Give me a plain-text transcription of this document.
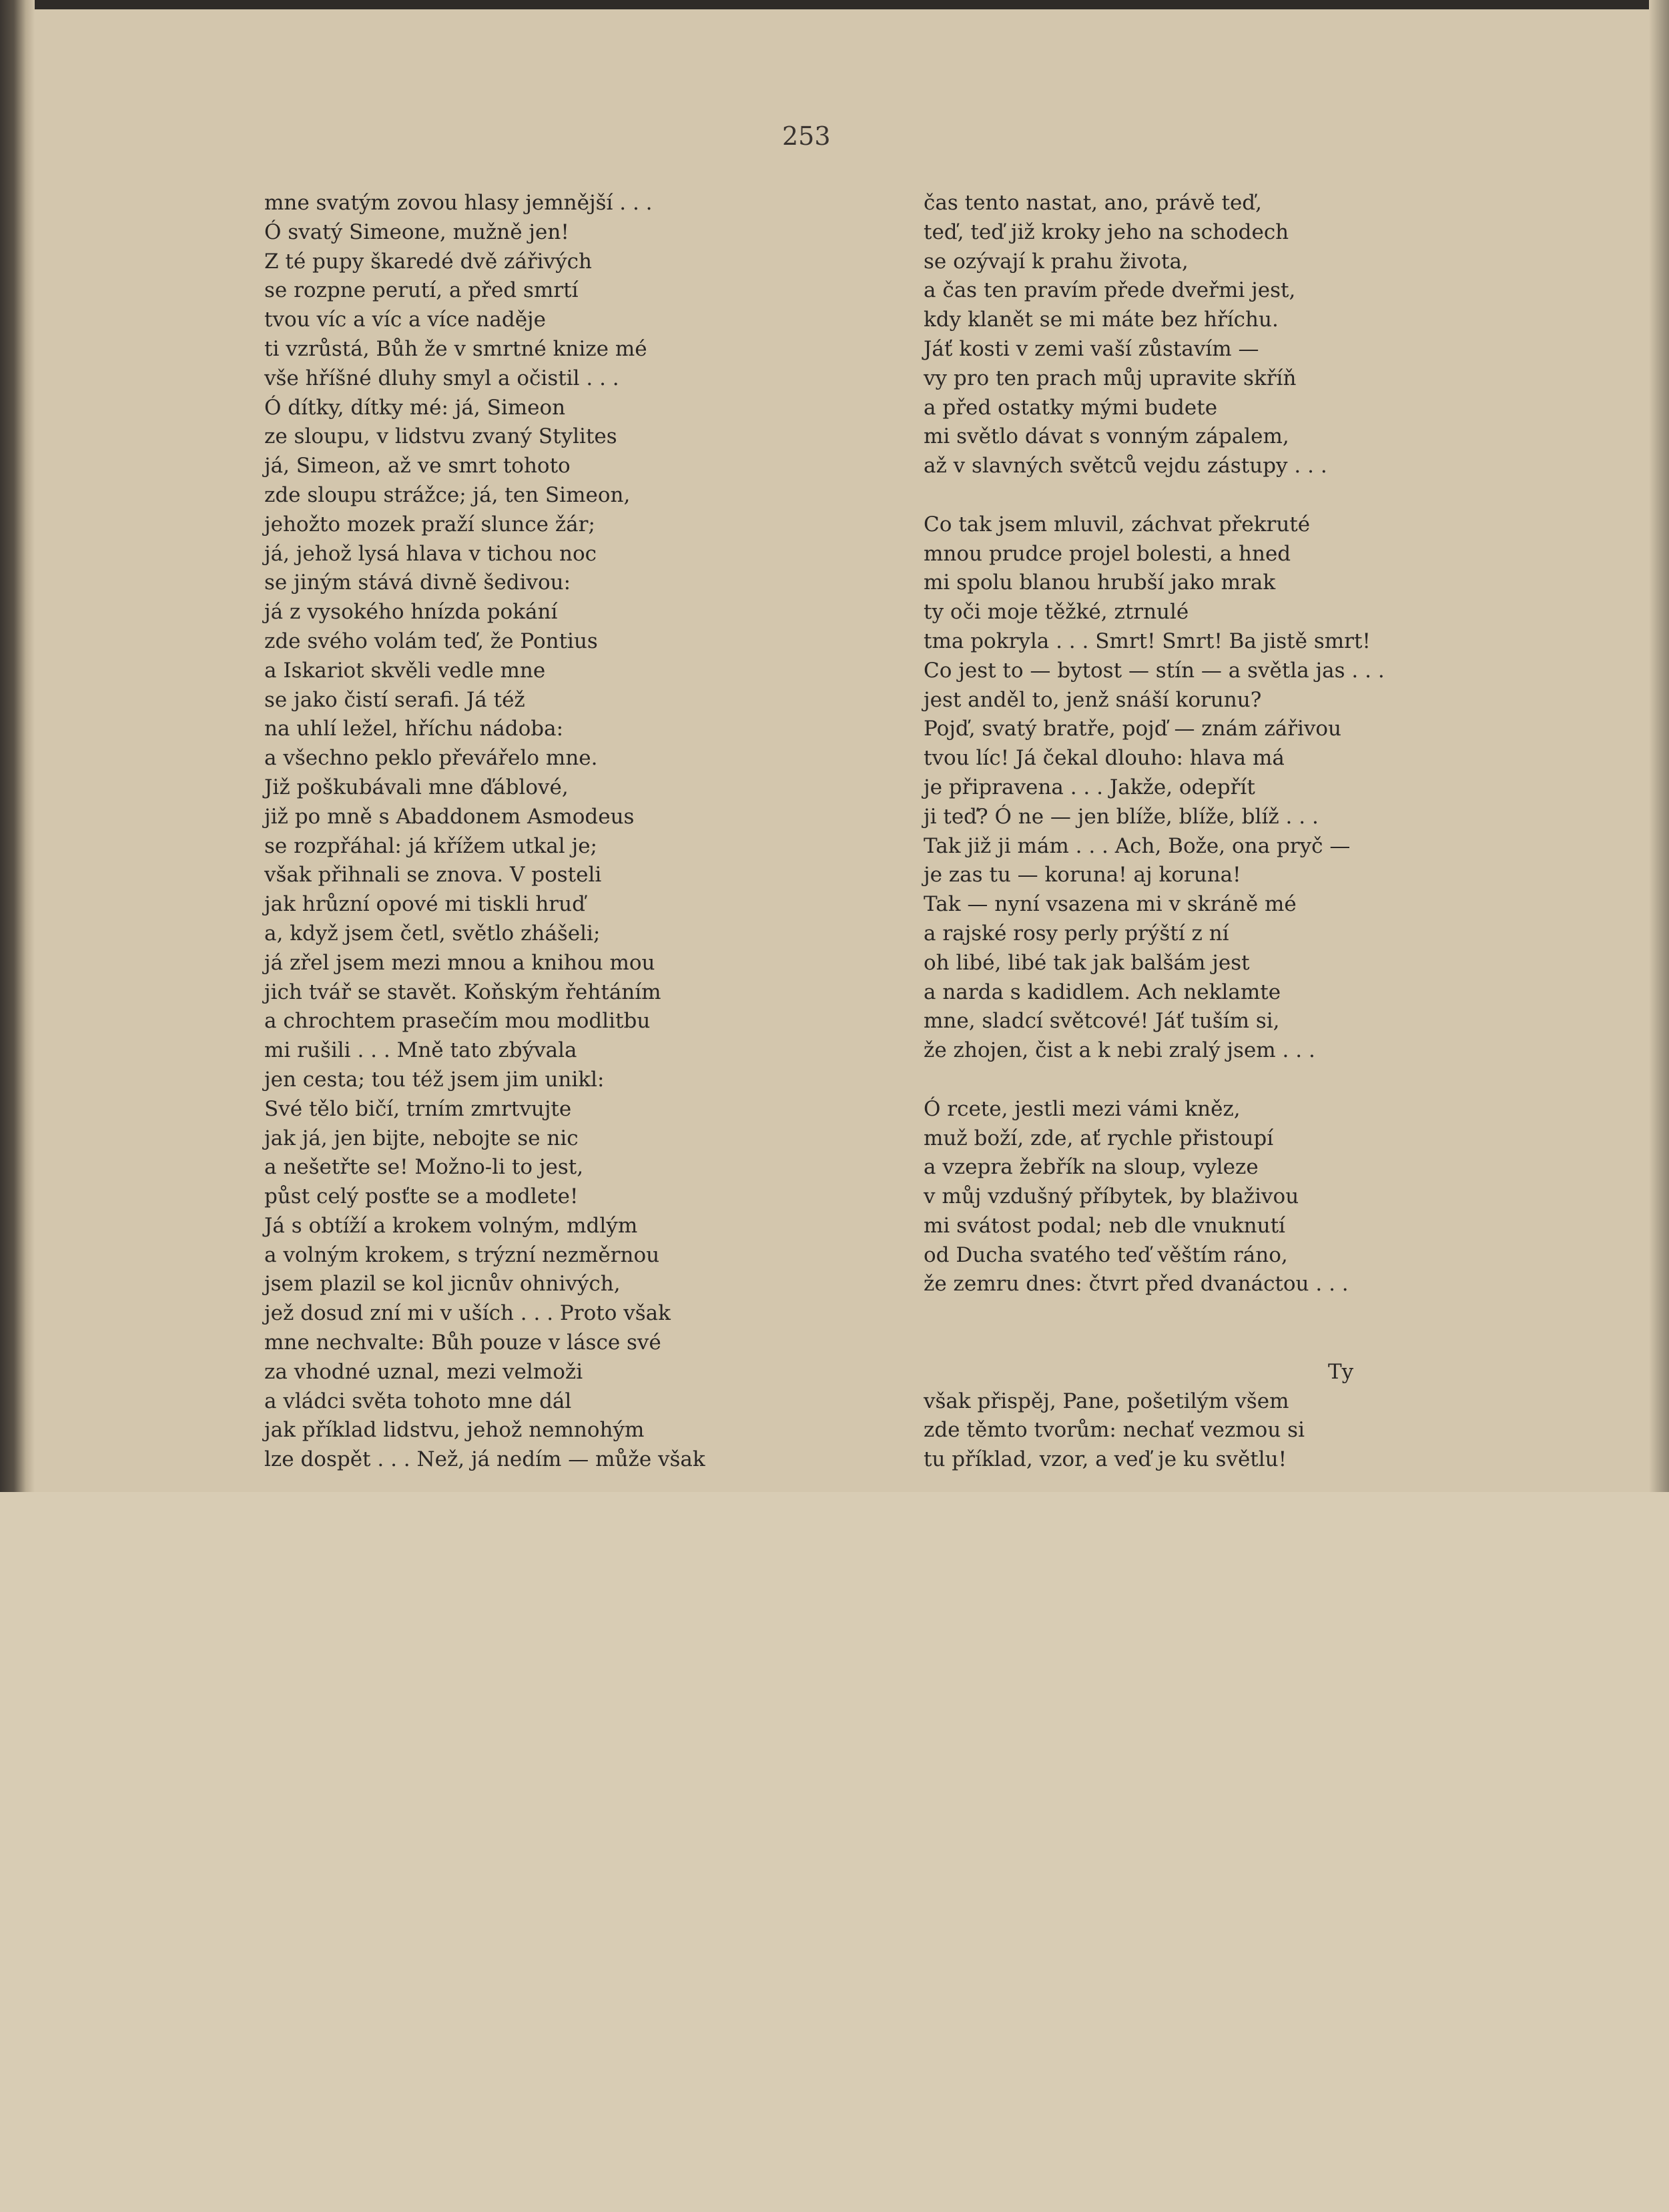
253
mne svatým zovou hlasy jemnější . . .
Ó svatý Simeone, mužně jen!
Z té pupy škaredé dvě zářivých
se rozpne perutí, a před smrtí
tvou víc a víc a více naděje
ti vzrůstá, Bůh že v smrtné knize mé
vše hříšné dluhy smyl a očistil . . .
Ó dítky, dítky mé: já, Simeon
ze sloupu, v lidstvu zvaný Stylites
já, Simeon, až ve smrt tohoto
zde sloupu strážce; já, ten Simeon,
jehožto mozek praží slunce žár;
já, jehož lysá hlava v tichou noc
se jiným stává divně šedivou:
já z vysokého hnízda pokání
zde svého volám teď, že Pontius
a Iskariot skvěli vedle mne
se jako čistí serafi. Já též
na uhlí ležel, hříchu nádoba:
a všechno peklo převářelo mne.
Již poškubávali mne ďáblové,
již po mně s Abaddonem Asmodeus
se rozpřáhal: já křížem utkal je;
však přihnali se znova. V posteli
jak hrůzní opové mi tiskli hruď
a, když jsem četl, světlo zhášeli;
já zřel jsem mezi mnou a knihou mou
jich tvář se stavět. Koňským řehtáním
a chrochtem prasečím mou modlitbu
mi rušili . . . Mně tato zbývala
jen cesta; tou též jsem jim unikl:
Své tělo bičí, trním zmrtvujte
jak já, jen bijte, nebojte se nic
a nešetřte se! Možno-li to jest,
půst celý posťte se a modlete!
Já s obtíží a krokem volným, mdlým
a volným krokem, s trýzní nezměrnou
jsem plazil se kol jicnův ohnivých,
jež dosud zní mi v uších . . . Proto však
mne nechvalte: Bůh pouze v lásce své
za vhodné uznal, mezi velmoži
a vládci světa tohoto mne dál
jak příklad lidstvu, jehož nemnohým
lze dospět . . . Než, já nedím — může však
čas tento nastat, ano, právě teď,
teď, teď již kroky jeho na schodech
se ozývají k prahu života,
a čas ten pravím přede dveřmi jest,
kdy klanět se mi máte bez hříchu.
Jáť kosti v zemi vaší zůstavím —
vy pro ten prach můj upravite skříň
a před ostatky mými budete
mi světlo dávat s vonným zápalem,
až v slavných světců vejdu zástupy . . .
Co tak jsem mluvil, záchvat překruté
mnou prudce projel bolesti, a hned
mi spolu blanou hrubší jako mrak
ty oči moje těžké, ztrnulé
tma pokryla . . . Smrt! Smrt! Ba jistě smrt!
Co jest to — bytost — stín — a světla jas . . .
jest anděl to, jenž snáší korunu?
Pojď, svatý bratře, pojď — znám zářivou
tvou líc! Já čekal dlouho: hlava má
je připravena . . . Jakže, odepřít
ji teď? Ó ne — jen blíže, blíže, blíž . . .
Tak již ji mám . . . Ach, Bože, ona pryč —
je zas tu — koruna! aj koruna!
Tak — nyní vsazena mi v skráně mé
a rajské rosy perly prýští z ní
oh libé, libé tak jak balšám jest
a narda s kadidlem. Ach neklamte
mne, sladcí světcové! Jáť tuším si,
že zhojen, čist a k nebi zralý jsem . . .
Ó rcete, jestli mezi vámi kněz,
muž boží, zde, ať rychle přistoupí
a vzepra žebřík na sloup, vyleze
v můj vzdušný příbytek, by blaživou
mi svátost podal; neb dle vnuknutí
od Ducha svatého teď věštím ráno,
že zemru dnes: čtvrt před dvanáctou . . .
Ty
však přispěj, Pane, pošetilým všem
zde těmto tvorům: nechať vezmou si
tu příklad, vzor, a veď je ku světlu!
